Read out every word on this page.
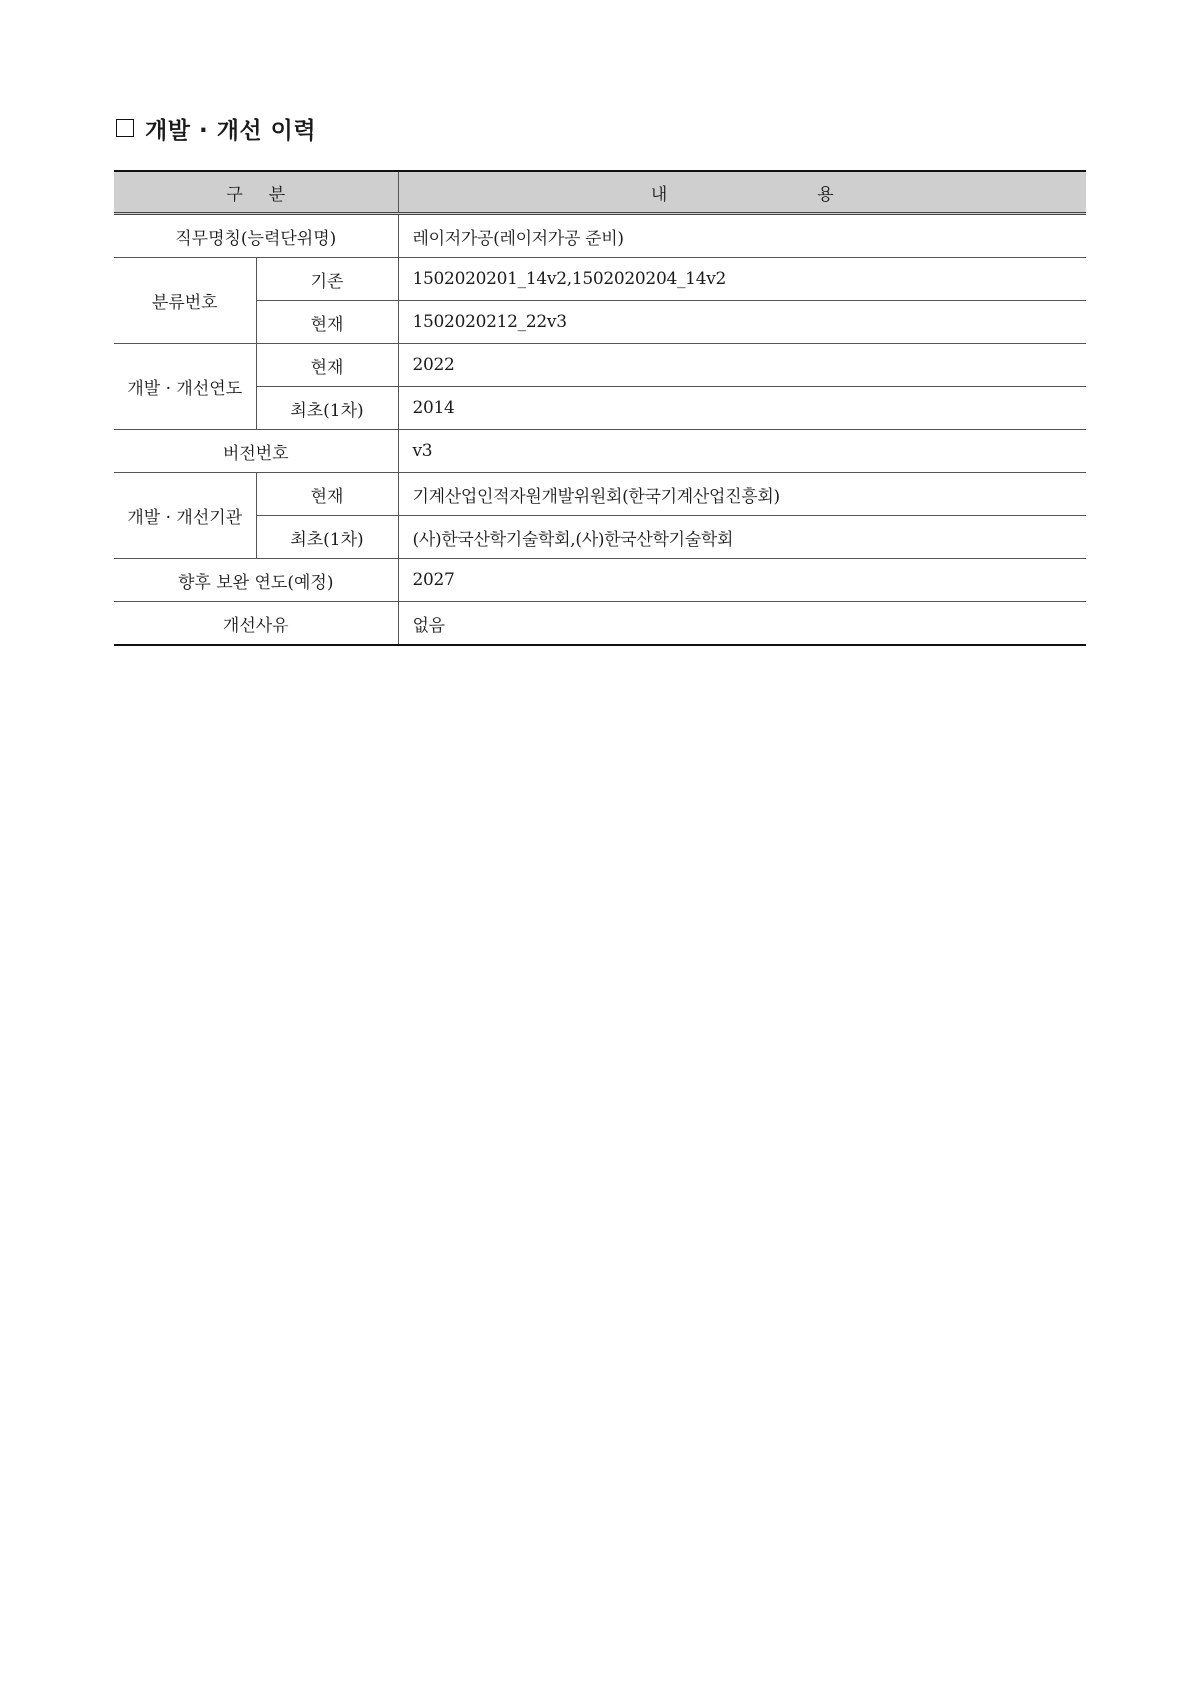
개발 · 개선 이력
구 분		내 용

직무명칭(능력단위명)		레이저가공(레이저가공 준비)
분류번호	기존	1502020201_14v2,1502020204_14v2
	현재	1502020212_22v3
개발 · 개선연도	현재	2022
	최초(1차)	2014
버전번호		v3
개발 · 개선기관	현재	기계산업인적자원개발위원회(한국기계산업진흥회)
	최초(1차)	(사)한국산학기술학회,(사)한국산학기술학회
향후 보완 연도(예정)		2027
개선사유		없음
